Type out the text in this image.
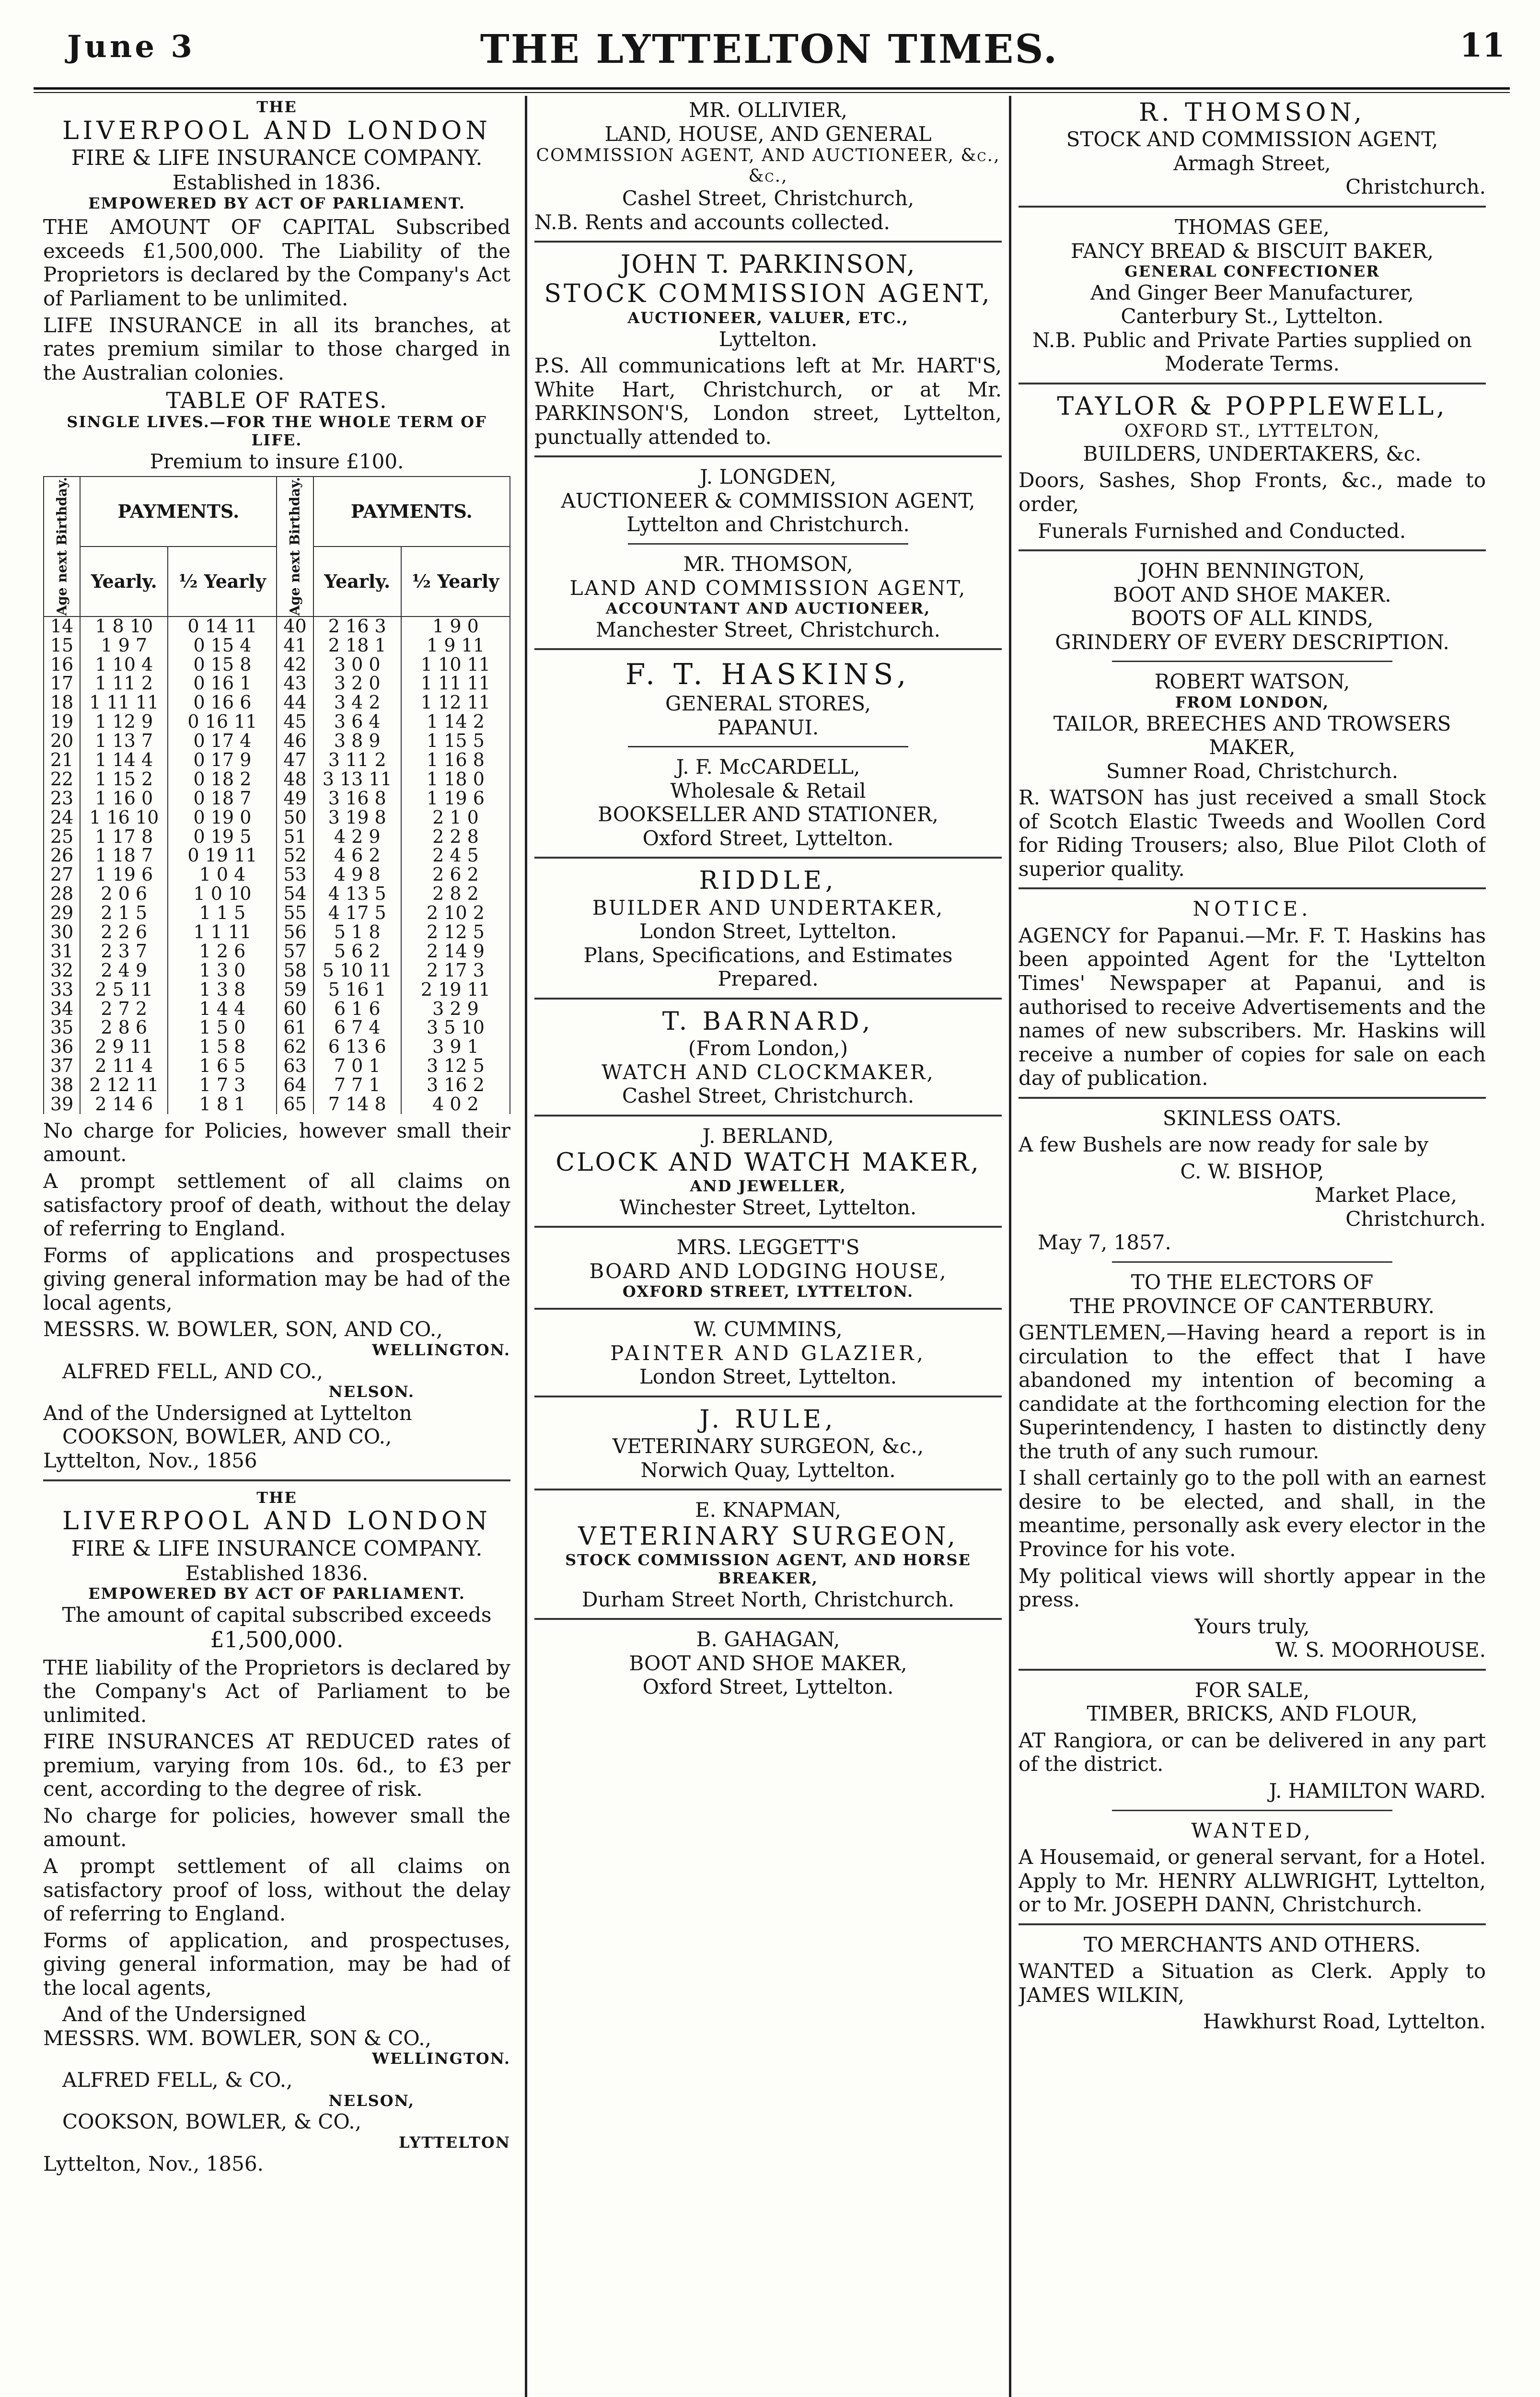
June 3	THE LYTTELTON TIMES.	11
THE
LIVERPOOL AND LONDON
FIRE & LIFE INSURANCE COMPANY.
Established in 1836.
EMPOWERED BY ACT OF PARLIAMENT.

THE AMOUNT OF CAPITAL Subscribed exceeds £1,500,000. The Liability of the Proprietors is declared by the Company's Act of Parliament to be unlimited.

LIFE INSURANCE in all its branches, at rates premium similar to those charged in the Australian colonies.

TABLE OF RATES.
SINGLE LIVES.—FOR THE WHOLE TERM OF LIFE.
Premium to insure £100.
Age next Birthday.	PAYMENTS.		Age next Birthday.	PAYMENTS.	
	Yearly.	½ Yearly		Yearly.	½ Yearly
14	1 8 10	0 14 11	40	2 16 3	1 9 0
15	1 9 7	0 15 4	41	2 18 1	1 9 11
16	1 10 4	0 15 8	42	3 0 0	1 10 11
17	1 11 2	0 16 1	43	3 2 0	1 11 11
18	1 11 11	0 16 6	44	3 4 2	1 12 11
19	1 12 9	0 16 11	45	3 6 4	1 14 2
20	1 13 7	0 17 4	46	3 8 9	1 15 5
21	1 14 4	0 17 9	47	3 11 2	1 16 8
22	1 15 2	0 18 2	48	3 13 11	1 18 0
23	1 16 0	0 18 7	49	3 16 8	1 19 6
24	1 16 10	0 19 0	50	3 19 8	2 1 0
25	1 17 8	0 19 5	51	4 2 9	2 2 8
26	1 18 7	0 19 11	52	4 6 2	2 4 5
27	1 19 6	1 0 4	53	4 9 8	2 6 2
28	2 0 6	1 0 10	54	4 13 5	2 8 2
29	2 1 5	1 1 5	55	4 17 5	2 10 2
30	2 2 6	1 1 11	56	5 1 8	2 12 5
31	2 3 7	1 2 6	57	5 6 2	2 14 9
32	2 4 9	1 3 0	58	5 10 11	2 17 3
33	2 5 11	1 3 8	59	5 16 1	2 19 11
34	2 7 2	1 4 4	60	6 1 6	3 2 9
35	2 8 6	1 5 0	61	6 7 4	3 5 10
36	2 9 11	1 5 8	62	6 13 6	3 9 1
37	2 11 4	1 6 5	63	7 0 1	3 12 5
38	2 12 11	1 7 3	64	7 7 1	3 16 2
39	2 14 6	1 8 1	65	7 14 8	4 0 2

No charge for Policies, however small their amount.

A prompt settlement of all claims on satisfactory proof of death, without the delay of referring to England.

Forms of applications and prospectuses giving general information may be had of the local agents,

MESSRS. W. BOWLER, SON, AND CO.,
WELLINGTON.
ALFRED FELL, AND CO.,
NELSON.
And of the Undersigned at Lyttelton
COOKSON, BOWLER, AND CO.,
Lyttelton, Nov., 1856
THE
LIVERPOOL AND LONDON
FIRE & LIFE INSURANCE COMPANY.
Established 1836.
EMPOWERED BY ACT OF PARLIAMENT.
The amount of capital subscribed exceeds
£1,500,000.

THE liability of the Proprietors is declared by the Company's Act of Parliament to be unlimited.

FIRE INSURANCES AT REDUCED rates of premium, varying from 10s. 6d., to £3 per cent, according to the degree of risk.

No charge for policies, however small the amount.

A prompt settlement of all claims on satisfactory proof of loss, without the delay of referring to England.

Forms of application, and prospectuses, giving general information, may be had of the local agents,

And of the Undersigned
MESSRS. WM. BOWLER, SON & CO.,
WELLINGTON.
ALFRED FELL, & CO.,
NELSON,
COOKSON, BOWLER, & CO.,
LYTTELTON
Lyttelton, Nov., 1856.
MR. OLLIVIER,
LAND, HOUSE, AND GENERAL
COMMISSION AGENT, AND AUCTIONEER, &c., &c.,
Cashel Street, Christchurch,
N.B. Rents and accounts collected.
JOHN T. PARKINSON,
STOCK COMMISSION AGENT,
AUCTIONEER, VALUER, ETC.,
Lyttelton.

P.S. All communications left at Mr. HART'S, White Hart, Christchurch, or at Mr. PARKINSON'S, London street, Lyttelton, punctually attended to.

J. LONGDEN,
AUCTIONEER & COMMISSION AGENT,
Lyttelton and Christchurch.
MR. THOMSON,
LAND AND COMMISSION AGENT,
ACCOUNTANT AND AUCTIONEER,
Manchester Street, Christchurch.
F. T. HASKINS,
GENERAL STORES,
PAPANUI.
J. F. McCARDELL,
Wholesale & Retail
BOOKSELLER AND STATIONER,
Oxford Street, Lyttelton.
RIDDLE,
BUILDER AND UNDERTAKER,
London Street, Lyttelton.
Plans, Specifications, and Estimates Prepared.
T. BARNARD,
(From London,)
WATCH AND CLOCKMAKER,
Cashel Street, Christchurch.
J. BERLAND,
CLOCK AND WATCH MAKER,
AND JEWELLER,
Winchester Street, Lyttelton.
MRS. LEGGETT'S
BOARD AND LODGING HOUSE,
OXFORD STREET, LYTTELTON.
W. CUMMINS,
PAINTER AND GLAZIER,
London Street, Lyttelton.
J. RULE,
VETERINARY SURGEON, &c.,
Norwich Quay, Lyttelton.
E. KNAPMAN,
VETERINARY SURGEON,
STOCK COMMISSION AGENT, AND HORSE
BREAKER,
Durham Street North, Christchurch.
B. GAHAGAN,
BOOT AND SHOE MAKER,
Oxford Street, Lyttelton.
R. THOMSON,
STOCK AND COMMISSION AGENT,
Armagh Street,
Christchurch.
THOMAS GEE,
FANCY BREAD & BISCUIT BAKER,
GENERAL CONFECTIONER
And Ginger Beer Manufacturer,
Canterbury St., Lyttelton.
N.B. Public and Private Parties supplied on Moderate Terms.
TAYLOR & POPPLEWELL,
OXFORD ST., LYTTELTON,
BUILDERS, UNDERTAKERS, &c.

Doors, Sashes, Shop Fronts, &c., made to order,

Funerals Furnished and Conducted.
JOHN BENNINGTON,
BOOT AND SHOE MAKER.
BOOTS OF ALL KINDS,
GRINDERY OF EVERY DESCRIPTION.
ROBERT WATSON,
FROM LONDON,
TAILOR, BREECHES AND TROWSERS MAKER,
Sumner Road, Christchurch.

R. WATSON has just received a small Stock of Scotch Elastic Tweeds and Woollen Cord for Riding Trousers; also, Blue Pilot Cloth of superior quality.

NOTICE.

AGENCY for Papanui.—Mr. F. T. Haskins has been appointed Agent for the 'Lyttelton Times' Newspaper at Papanui, and is authorised to receive Advertisements and the names of new subscribers. Mr. Haskins will receive a number of copies for sale on each day of publication.

SKINLESS OATS.

A few Bushels are now ready for sale by

C. W. BISHOP,
Market Place,
Christchurch.
May 7, 1857.
TO THE ELECTORS OF
THE PROVINCE OF CANTERBURY.

GENTLEMEN,—Having heard a report is in circulation to the effect that I have abandoned my intention of becoming a candidate at the forthcoming election for the Superintendency, I hasten to distinctly deny the truth of any such rumour.

I shall certainly go to the poll with an earnest desire to be elected, and shall, in the meantime, personally ask every elector in the Province for his vote.

My political views will shortly appear in the press.

Yours truly,
W. S. MOORHOUSE.
FOR SALE,
TIMBER, BRICKS, AND FLOUR,

AT Rangiora, or can be delivered in any part of the district.

J. HAMILTON WARD.
WANTED,

A Housemaid, or general servant, for a Hotel. Apply to Mr. HENRY ALLWRIGHT, Lyttelton, or to Mr. JOSEPH DANN, Christchurch.

TO MERCHANTS AND OTHERS.

WANTED a Situation as Clerk. Apply to JAMES WILKIN,

Hawkhurst Road, Lyttelton.
